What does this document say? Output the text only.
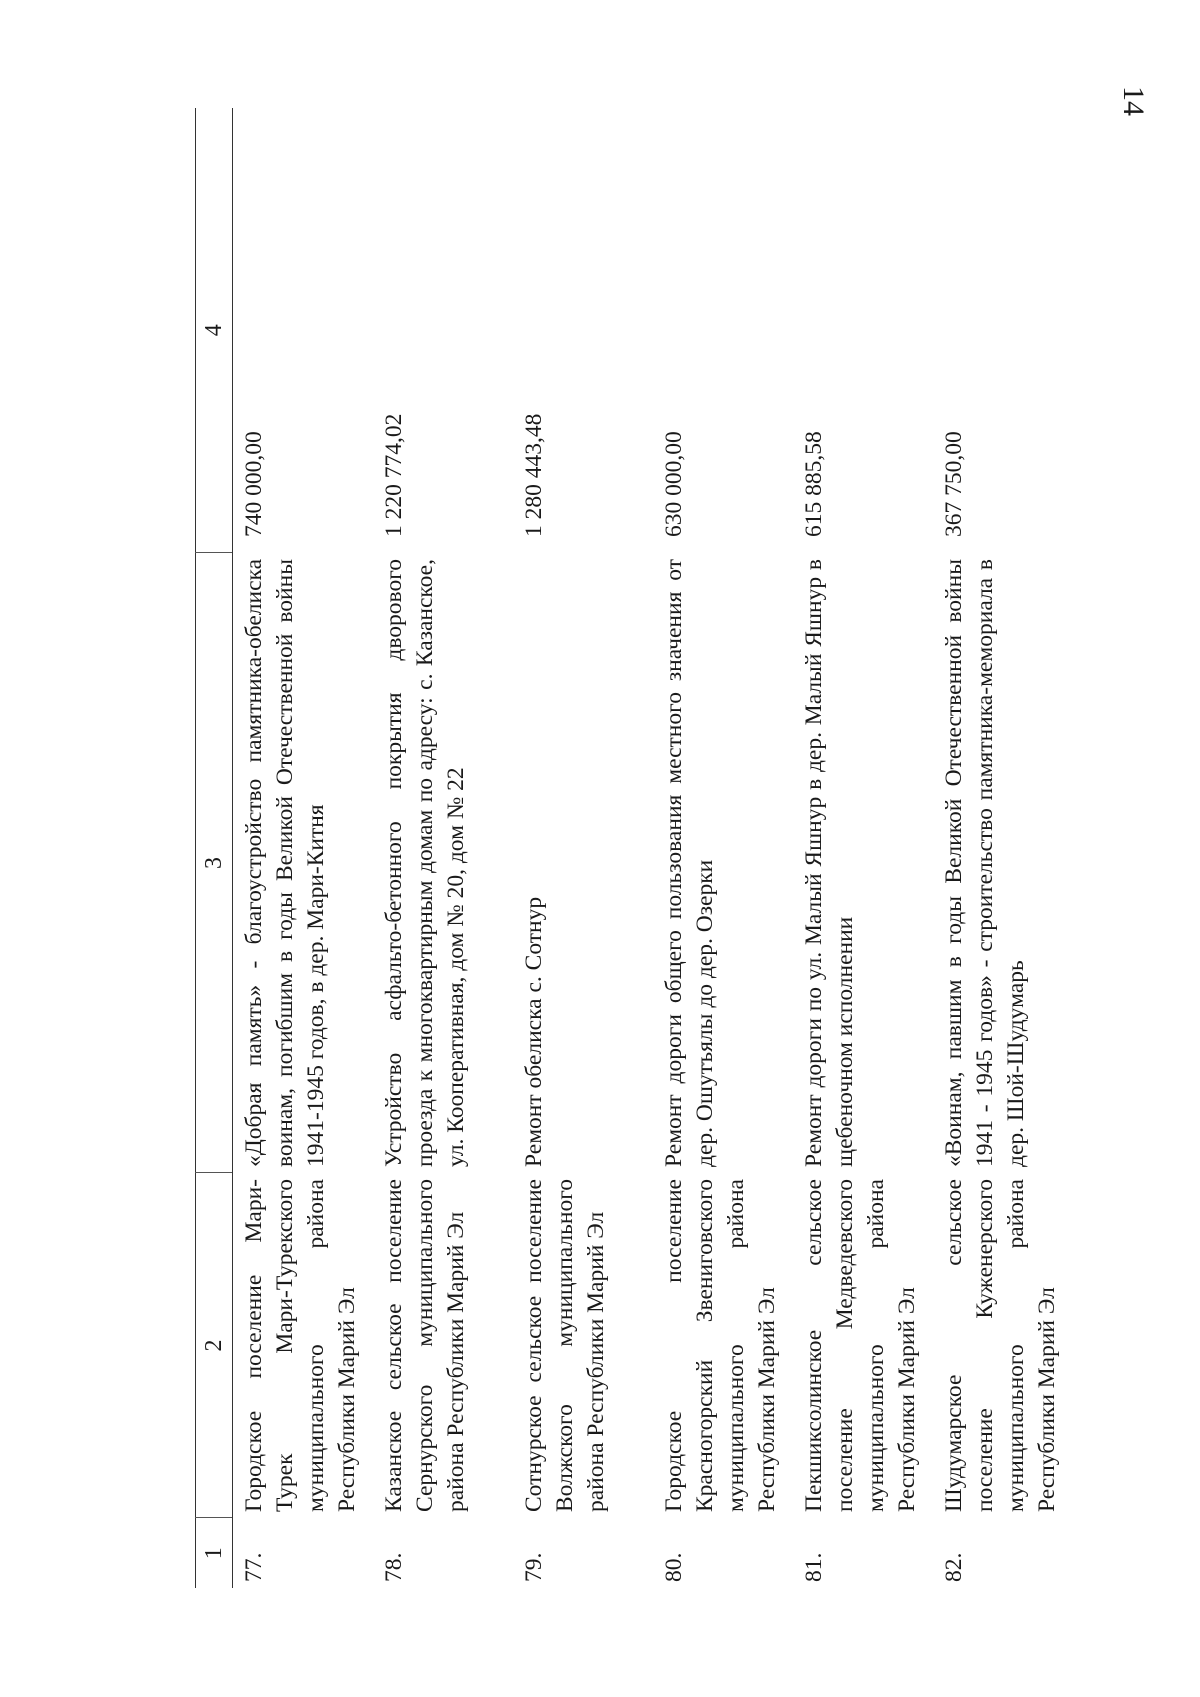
14
1	2	3	4
77.	Городское поселение Мари-Турек Мари-Турекского муниципального района Республики Марий Эл	«Добрая память» - благоустройство памятника-обелиска воинам, погибшим в годы Великой Отечественной войны 1941-1945 годов, в дер. Мари-Китня	740 000,00
78.	Казанское сельское поселение Сернурского муниципального района Республики Марий Эл	Устройство асфальто-бетонного покрытия дворового проезда к многоквартирным домам по адресу: с. Казанское, ул. Кооперативная, дом № 20, дом № 22	1 220 774,02
79.	Сотнурское сельское поселение Волжского муниципального района Республики Марий Эл	Ремонт обелиска с. Сотнур	1 280 443,48
80.	Городское поселение Красногорский Звениговского муниципального района Республики Марий Эл	Ремонт дороги общего пользования местного значения от дер. Ошутъялы до дер. Озерки	630 000,00
81.	Пекшиксолинское сельское поселение Медведевского муниципального района Республики Марий Эл	Ремонт дороги по ул. Малый Яшнур в дер. Малый Яшнур в щебеночном исполнении	615 885,58
82.	Шудумарское сельское поселение Куженерского муниципального района Республики Марий Эл	«Воинам, павшим в годы Великой Отечественной войны 1941 - 1945 годов» - строительство памятника-мемориала в дер. Шой-Шудумарь	367 750,00
